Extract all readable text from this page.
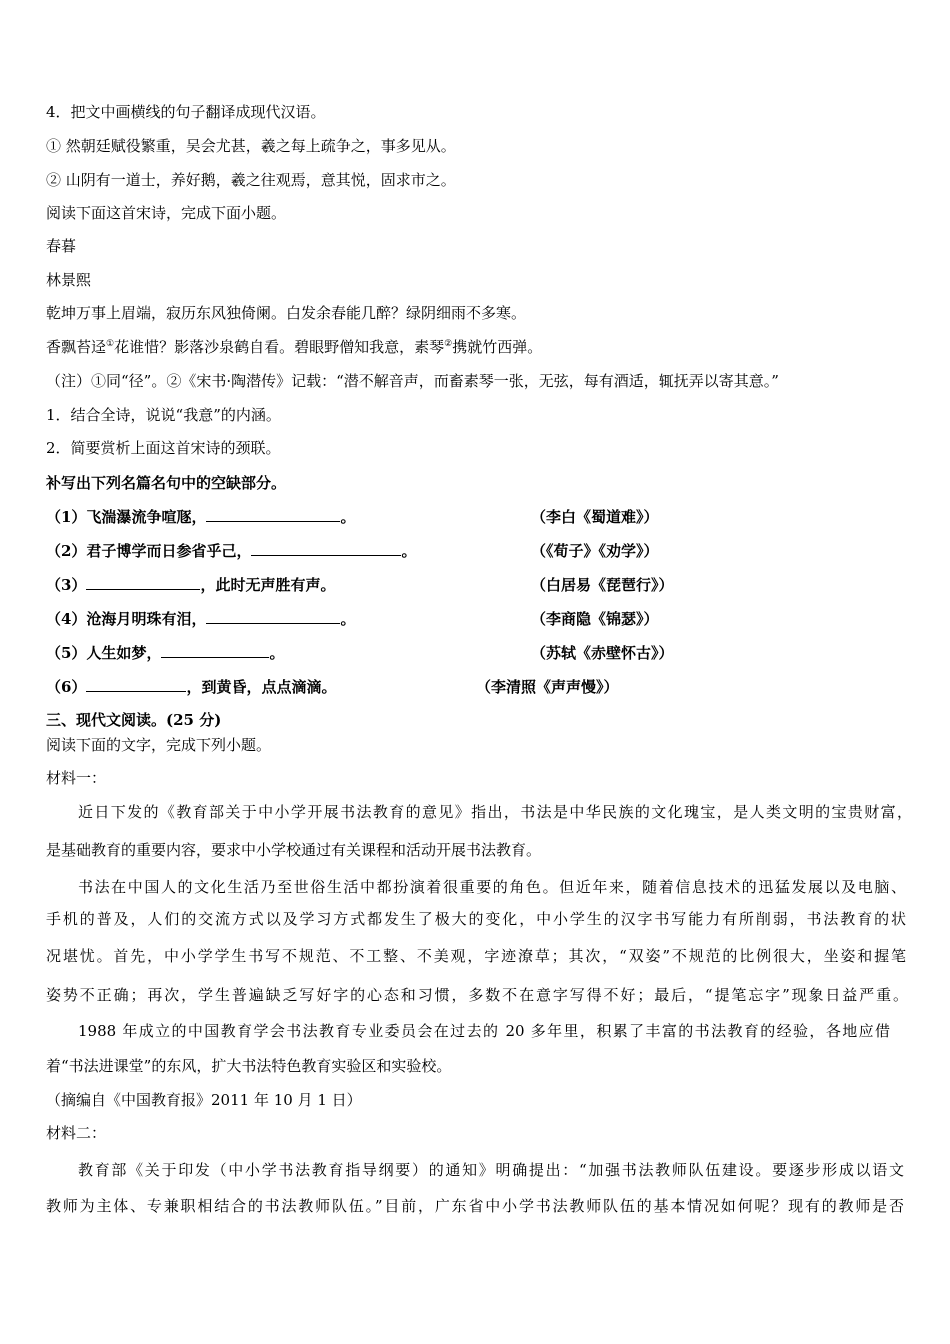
4．把文中画横线的句子翻译成现代汉语。
① 然朝廷赋役繁重，吴会尤甚，羲之每上疏争之，事多见从。
② 山阴有一道士，养好鹅，羲之往观焉，意其悦，固求市之。
阅读下面这首宋诗，完成下面小题。
春暮
林景熙
乾坤万事上眉端，寂历东风独倚阑。白发余春能几醉？绿阴细雨不多寒。
香飘苔迳①花谁惜？影落沙泉鹤自看。碧眼野僧知我意，素琴②携就竹西弹。
（注）①同“径”。②《宋书·陶潜传》记载：“潜不解音声，而畜素琴一张，无弦，每有酒适，辄抚弄以寄其意。”
1．结合全诗，说说“我意”的内涵。
2．简要赏析上面这首宋诗的颈联。
补写出下列名篇名句中的空缺部分。
（1）飞湍瀑流争喧豗，	。	（李白《蜀道难》）
（2）君子博学而日参省乎己，	。	（《荀子》《劝学》）
（3）	，此时无声胜有声。	（白居易《琵琶行》）
（4）沧海月明珠有泪，	。	（李商隐《锦瑟》）
（5）人生如梦，	。	（苏轼《赤壁怀古》）
（6）	，到黄昏，点点滴滴。	（李清照《声声慢》）
三、现代文阅读。(25 分)
阅读下面的文字，完成下列小题。
材料一：
近日下发的《教育部关于中小学开展书法教育的意见》指出，书法是中华民族的文化瑰宝，是人类文明的宝贵财富，
是基础教育的重要内容，要求中小学校通过有关课程和活动开展书法教育。
书法在中国人的文化生活乃至世俗生活中都扮演着很重要的角色。但近年来，随着信息技术的迅猛发展以及电脑、
手机的普及，人们的交流方式以及学习方式都发生了极大的变化，中小学生的汉字书写能力有所削弱，书法教育的状
况堪忧。首先，中小学学生书写不规范、不工整、不美观，字迹潦草；其次，“双姿”不规范的比例很大，坐姿和握笔
姿势不正确；再次，学生普遍缺乏写好字的心态和习惯，多数不在意字写得不好；最后，“提笔忘字”现象日益严重。
1988 年成立的中国教育学会书法教育专业委员会在过去的 20 多年里，积累了丰富的书法教育的经验，各地应借
着“书法进课堂”的东风，扩大书法特色教育实验区和实验校。
（摘编自《中国教育报》2011 年 10 月 1 日）
材料二：
教育部《关于印发（中小学书法教育指导纲要）的通知》明确提出：“加强书法教师队伍建设。要逐步形成以语文
教师为主体、专兼职相结合的书法教师队伍。”目前，广东省中小学书法教师队伍的基本情况如何呢？现有的教师是否
